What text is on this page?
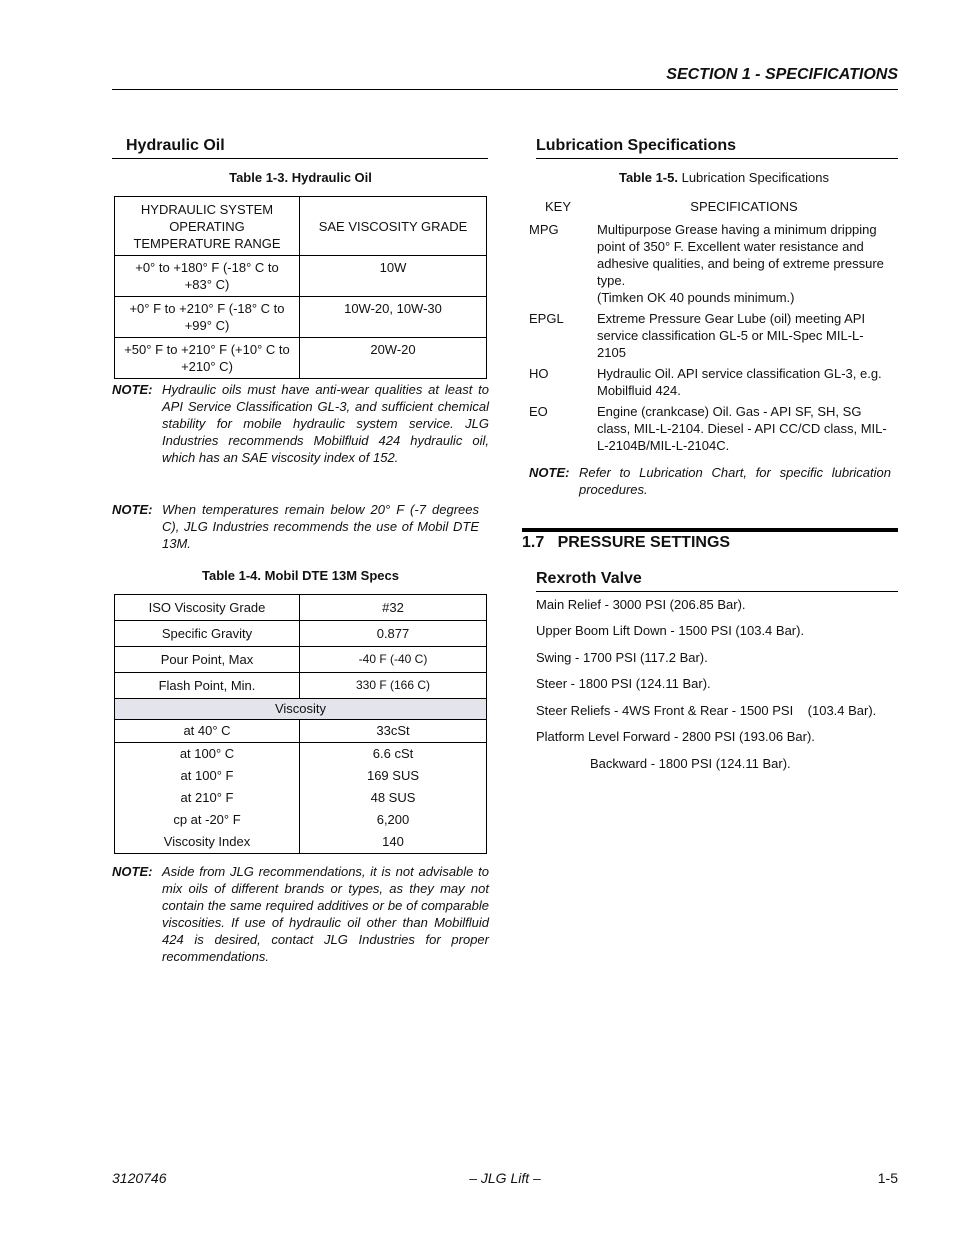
SECTION 1 - SPECIFICATIONS
Hydraulic Oil
Table 1-3. Hydraulic Oil
HYDRAULIC SYSTEM OPERATING TEMPERATURE RANGE	SAE VISCOSITY GRADE
+0° to +180° F (-18° C to +83° C)	10W
+0° F to +210° F (-18° C to +99° C)	10W-20, 10W-30
+50° F to +210° F (+10° C to +210° C)	20W-20
NOTE: Hydraulic oils must have anti-wear qualities at least to API Service Classification GL-3, and sufficient chemical stability for mobile hydraulic system service. JLG Industries recommends Mobilfluid 424 hydraulic oil, which has an SAE viscosity index of 152.
NOTE: When temperatures remain below 20° F (-7 degrees C), JLG Industries recommends the use of Mobil DTE 13M.
Table 1-4. Mobil DTE 13M Specs
ISO Viscosity Grade	#32
Specific Gravity	0.877
Pour Point, Max	-40 F (-40 C)
Flash Point, Min.	330 F (166 C)
Viscosity	
at 40° C	33cSt
at 100° C	6.6 cSt
at 100° F	169 SUS
at 210° F	48 SUS
cp at -20° F	6,200
Viscosity Index	140
NOTE: Aside from JLG recommendations, it is not advisable to mix oils of different brands or types, as they may not contain the same required additives or be of comparable viscosities. If use of hydraulic oil other than Mobilfluid 424 is desired, contact JLG Industries for proper recommendations.
Lubrication Specifications
Table 1-5. Lubrication Specifications
KEY	SPECIFICATIONS
MPG	Multipurpose Grease having a minimum dripping point of 350° F. Excellent water resistance and adhesive qualities, and being of extreme pressure type.
(Timken OK 40 pounds minimum.)
EPGL	Extreme Pressure Gear Lube (oil) meeting API service classification GL-5 or MIL-Spec MIL-L-2105
HO	Hydraulic Oil. API service classification GL-3, e.g. Mobilfluid 424.
EO	Engine (crankcase) Oil. Gas - API SF, SH, SG class, MIL-L-2104. Diesel - API CC/CD class, MIL-L-2104B/MIL-L-2104C.
NOTE: Refer to Lubrication Chart, for specific lubrication procedures.
1.7   PRESSURE SETTINGS
Rexroth Valve
Main Relief - 3000 PSI (206.85 Bar).
Upper Boom Lift Down - 1500 PSI (103.4 Bar).
Swing - 1700 PSI (117.2 Bar).
Steer - 1800 PSI (124.11 Bar).
Steer Reliefs - 4WS Front & Rear - 1500 PSI    (103.4 Bar).
Platform Level Forward - 2800 PSI (193.06 Bar).
Backward - 1800 PSI (124.11 Bar).
3120746	– JLG Lift –	1-5
